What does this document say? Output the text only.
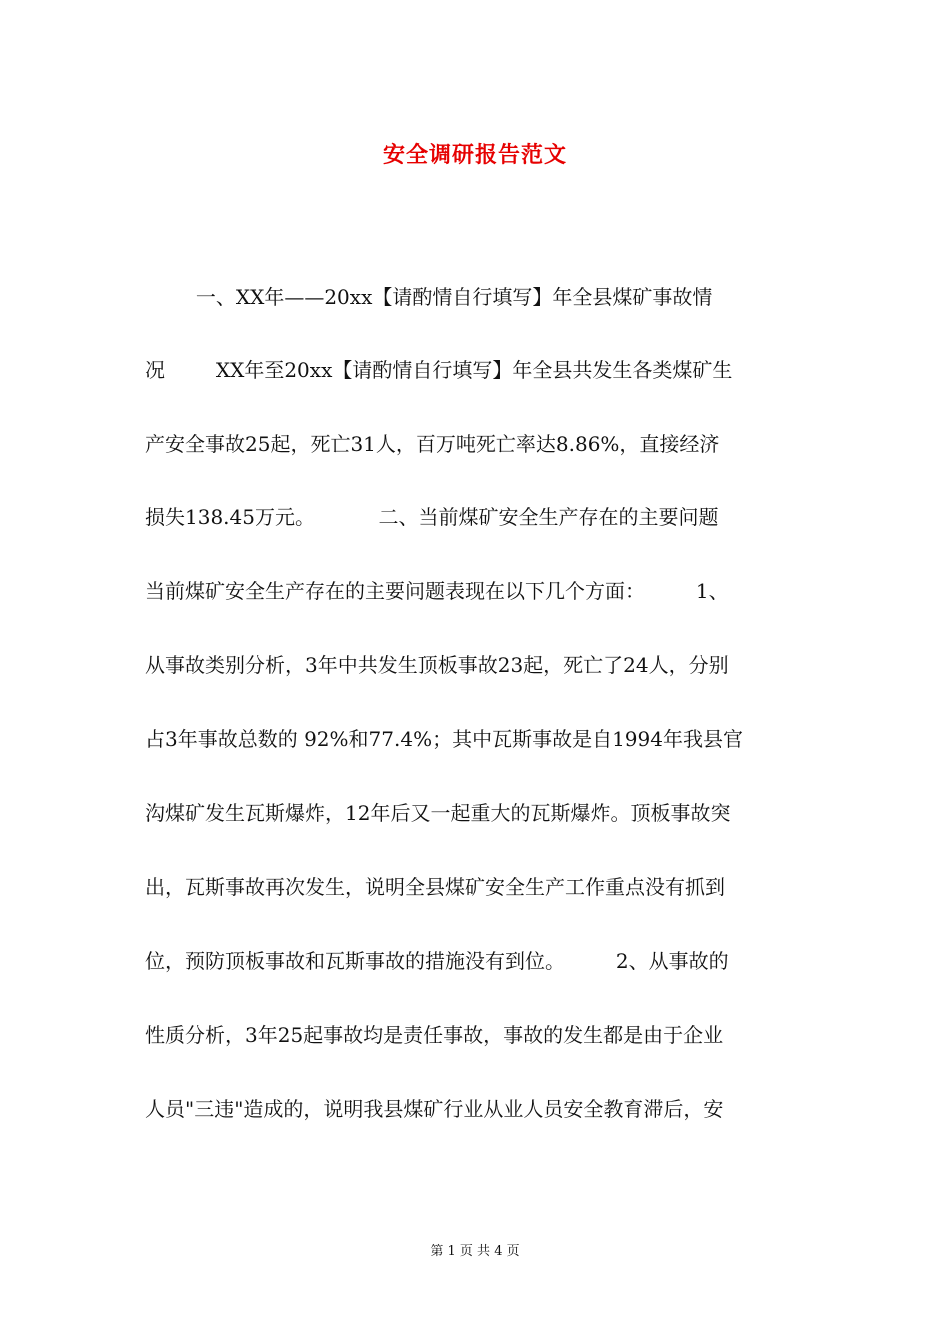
安全调研报告范文
一、XX年——20xx【请酌情自行填写】年全县煤矿事故情
况        XX年至20xx【请酌情自行填写】年全县共发生各类煤矿生
产安全事故25起，死亡31人，百万吨死亡率达8.86%，直接经济
损失138.45万元。          二、当前煤矿安全生产存在的主要问题
当前煤矿安全生产存在的主要问题表现在以下几个方面：        1、
从事故类别分析，3年中共发生顶板事故23起，死亡了24人，分别
占3年事故总数的 92%和77.4%；其中瓦斯事故是自1994年我县官
沟煤矿发生瓦斯爆炸，12年后又一起重大的瓦斯爆炸。顶板事故突
出，瓦斯事故再次发生，说明全县煤矿安全生产工作重点没有抓到
位，预防顶板事故和瓦斯事故的措施没有到位。        2、从事故的
性质分析，3年25起事故均是责任事故，事故的发生都是由于企业
人员"三违"造成的，说明我县煤矿行业从业人员安全教育滞后，安
第 1 页 共 4 页
